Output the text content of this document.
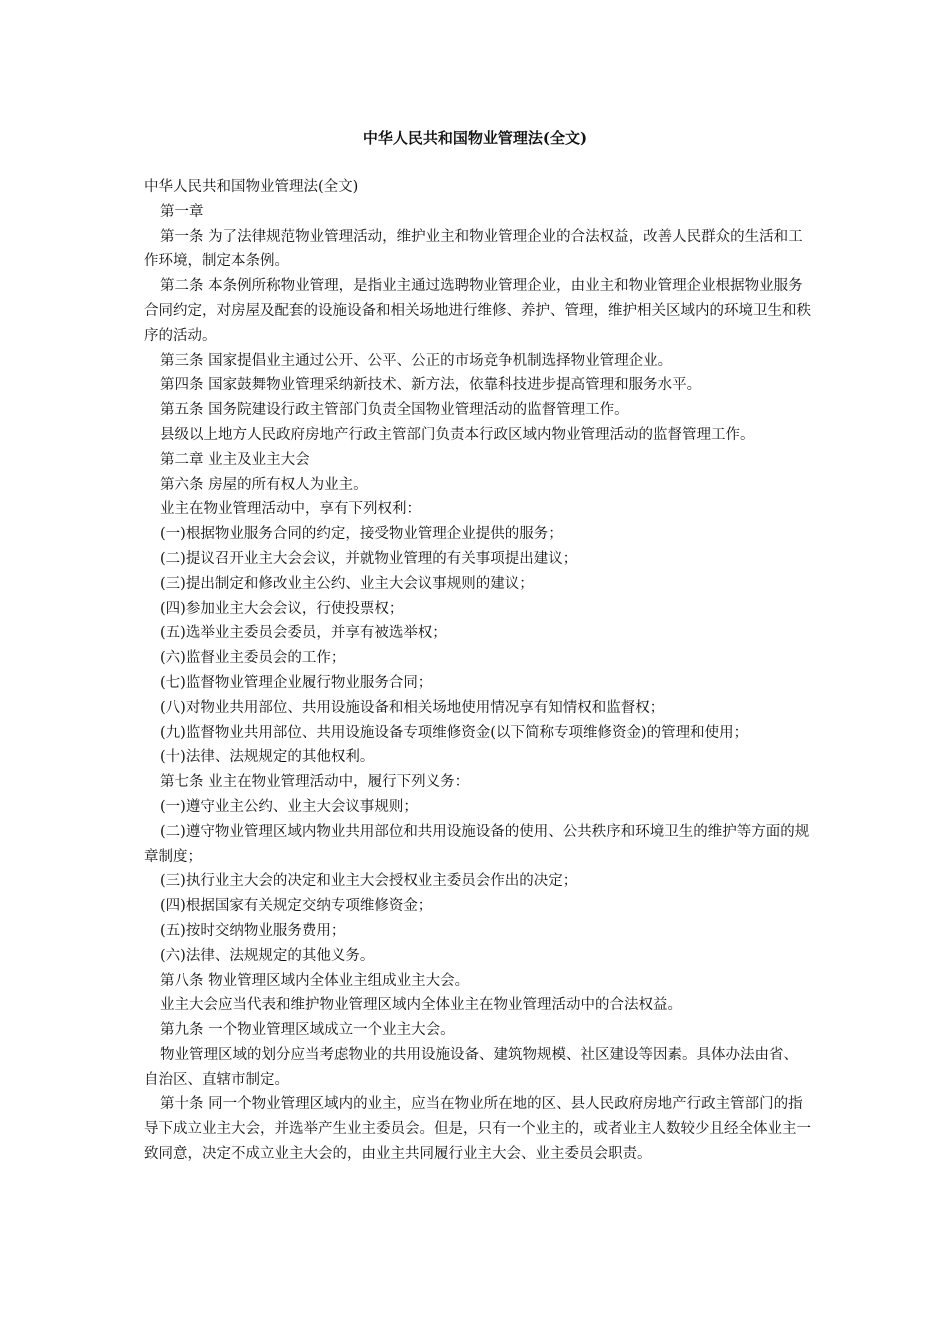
中华人民共和国物业管理法(全文)

中华人民共和国物业管理法(全文)

第一章

第一条 为了法律规范物业管理活动，维护业主和物业管理企业的合法权益，改善人民群众的生活和工作环境，制定本条例。

第二条 本条例所称物业管理，是指业主通过选聘物业管理企业，由业主和物业管理企业根据物业服务合同约定，对房屋及配套的设施设备和相关场地进行维修、养护、管理，维护相关区域内的环境卫生和秩序的活动。

第三条 国家提倡业主通过公开、公平、公正的市场竞争机制选择物业管理企业。

第四条 国家鼓舞物业管理采纳新技术、新方法，依靠科技进步提高管理和服务水平。

第五条 国务院建设行政主管部门负责全国物业管理活动的监督管理工作。

县级以上地方人民政府房地产行政主管部门负责本行政区域内物业管理活动的监督管理工作。

第二章 业主及业主大会

第六条 房屋的所有权人为业主。

业主在物业管理活动中，享有下列权利：

(一)根据物业服务合同的约定，接受物业管理企业提供的服务；

(二)提议召开业主大会会议，并就物业管理的有关事项提出建议；

(三)提出制定和修改业主公约、业主大会议事规则的建议；

(四)参加业主大会会议，行使投票权；

(五)选举业主委员会委员，并享有被选举权；

(六)监督业主委员会的工作；

(七)监督物业管理企业履行物业服务合同；

(八)对物业共用部位、共用设施设备和相关场地使用情况享有知情权和监督权；

(九)监督物业共用部位、共用设施设备专项维修资金(以下简称专项维修资金)的管理和使用；

(十)法律、法规规定的其他权利。

第七条 业主在物业管理活动中，履行下列义务：

(一)遵守业主公约、业主大会议事规则；

(二)遵守物业管理区域内物业共用部位和共用设施设备的使用、公共秩序和环境卫生的维护等方面的规章制度；

(三)执行业主大会的决定和业主大会授权业主委员会作出的决定；

(四)根据国家有关规定交纳专项维修资金；

(五)按时交纳物业服务费用；

(六)法律、法规规定的其他义务。

第八条 物业管理区域内全体业主组成业主大会。

业主大会应当代表和维护物业管理区域内全体业主在物业管理活动中的合法权益。

第九条 一个物业管理区域成立一个业主大会。

物业管理区域的划分应当考虑物业的共用设施设备、建筑物规模、社区建设等因素。具体办法由省、自治区、直辖市制定。

第十条 同一个物业管理区域内的业主，应当在物业所在地的区、县人民政府房地产行政主管部门的指导下成立业主大会，并选举产生业主委员会。但是，只有一个业主的，或者业主人数较少且经全体业主一致同意，决定不成立业主大会的，由业主共同履行业主大会、业主委员会职责。
